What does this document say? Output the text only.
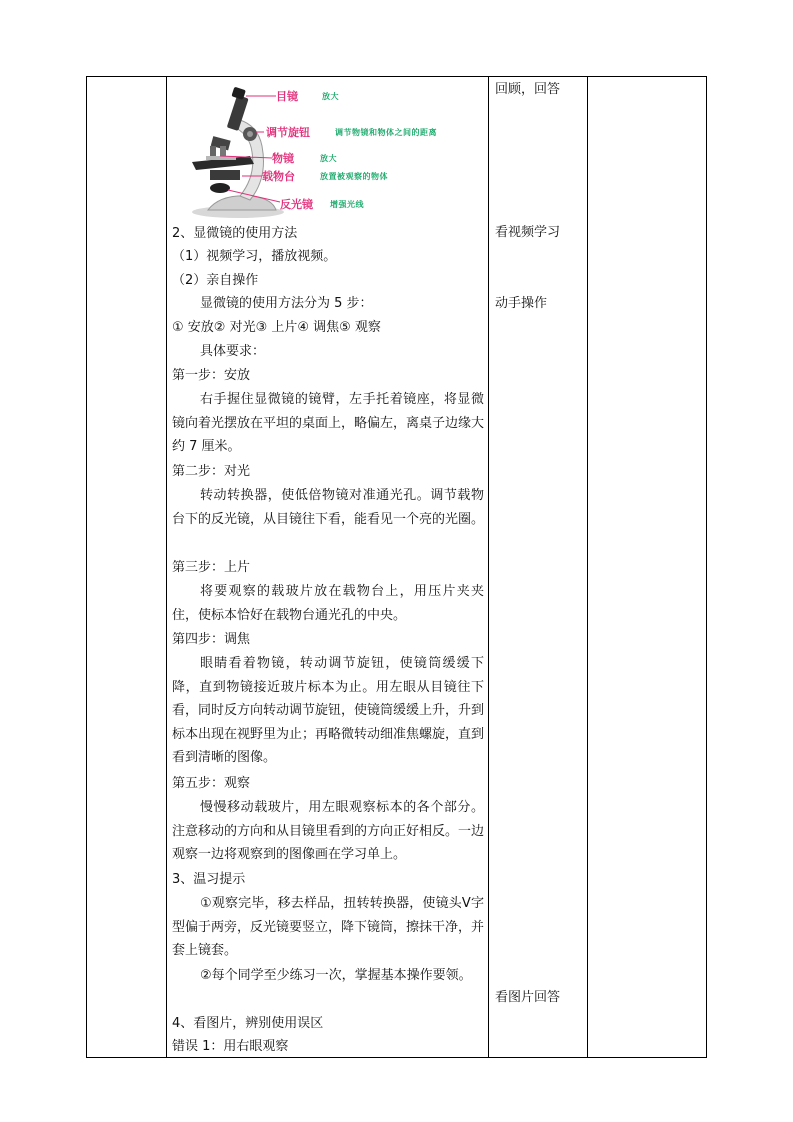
目镜	放大
调节旋钮	调节物镜和物体之间的距离
物镜	放大
载物台	放置被观察的物体
反光镜 增强光线
2、显微镜的使用方法
（1）视频学习，播放视频。
（2）亲自操作
显微镜的使用方法分为 5 步：
① 安放② 对光③ 上片④ 调焦⑤ 观察
具体要求：
第一步：安放
右手握住显微镜的镜臂，左手托着镜座，将显微镜向着光摆放在平坦的桌面上，略偏左，离桌子边缘大约 7 厘米。
第二步：对光
转动转换器，使低倍物镜对准通光孔。调节载物台下的反光镜，从目镜往下看，能看见一个亮的光圈。
第三步：上片
将要观察的载玻片放在载物台上，用压片夹夹住，使标本恰好在载物台通光孔的中央。
第四步：调焦
眼睛看着物镜，转动调节旋钮，使镜筒缓缓下降，直到物镜接近玻片标本为止。用左眼从目镜往下看，同时反方向转动调节旋钮，使镜筒缓缓上升，升到标本出现在视野里为止；再略微转动细准焦螺旋，直到看到清晰的图像。
第五步：观察
慢慢移动载玻片，用左眼观察标本的各个部分。注意移动的方向和从目镜里看到的方向正好相反。一边观察一边将观察到的图像画在学习单上。
3、温习提示
①观察完毕，移去样品，扭转转换器，使镜头V字型偏于两旁，反光镜要竖立，降下镜筒，擦抹干净，并套上镜套。
②每个同学至少练习一次，掌握基本操作要领。
4、看图片，辨别使用误区
错误 1：用右眼观察
回顾，回答
看视频学习
动手操作
看图片回答
